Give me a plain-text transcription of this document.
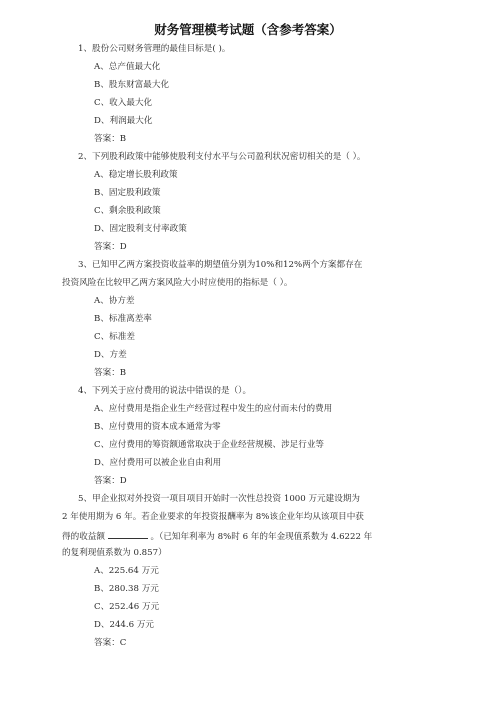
财务管理模考试题（含参考答案）
1、股份公司财务管理的最佳目标是( )。
A、总产值最大化
B、股东财富最大化
C、收入最大化
D、利润最大化
答案：B
2、下列股利政策中能够使股利支付水平与公司盈利状况密切相关的是（ ）。
A、稳定增长股利政策
B、固定股利政策
C、剩余股利政策
D、固定股利支付率政策
答案：D
3、已知甲乙两方案投资收益率的期望值分别为10%和12%两个方案都存在
投资风险在比较甲乙两方案风险大小时应使用的指标是（ ）。
A、协方差
B、标准离差率
C、标准差
D、方差
答案：B
4、下列关于应付费用的说法中错误的是（）。
A、应付费用是指企业生产经营过程中发生的应付而未付的费用
B、应付费用的资本成本通常为零
C、应付费用的筹资额通常取决于企业经营规模、涉足行业等
D、应付费用可以被企业自由利用
答案：D
5、甲企业拟对外投资一项目项目开始时一次性总投资 1000 万元建设期为
2 年使用期为 6 年。若企业要求的年投资报酬率为 8%该企业年均从该项目中获
得的收益额	。（已知年利率为 8%时 6 年的年金现值系数为 4.6222 年
的复利现值系数为 0.857）
A、225.64 万元
B、280.38 万元
C、252.46 万元
D、244.6 万元
答案：C
